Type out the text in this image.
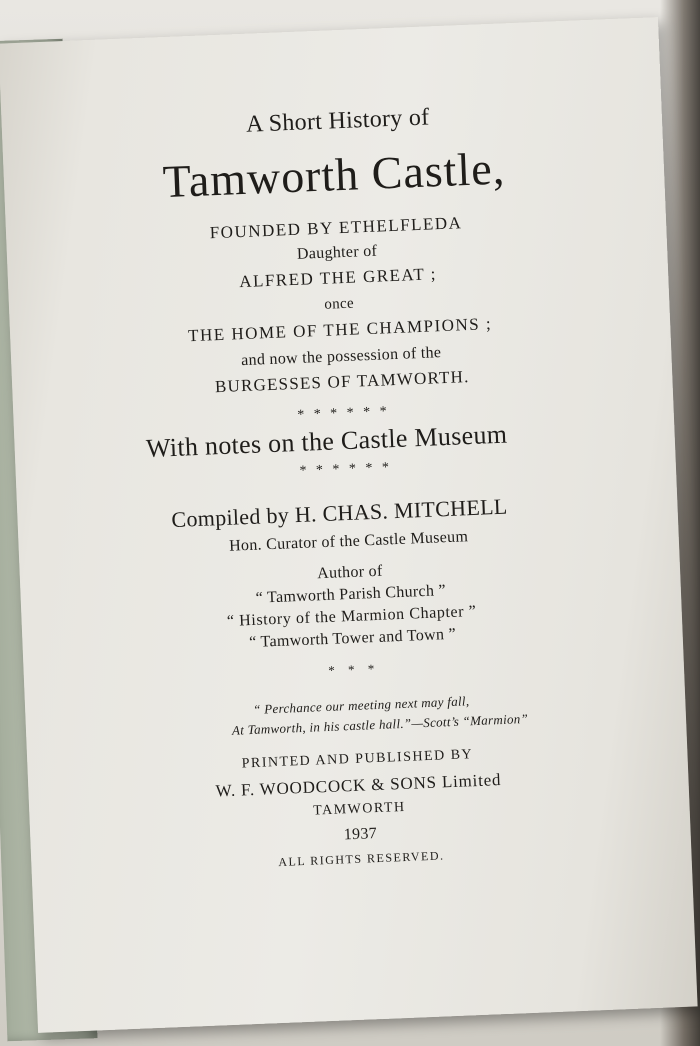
A Short History of
Tamworth Castle,
FOUNDED BY ETHELFLEDA
Daughter of
ALFRED THE GREAT ;
once
THE HOME OF THE CHAMPIONS ;
and now the possession of the
BURGESSES OF TAMWORTH.
* * * * * *
With notes on the Castle Museum
* * * * * *
Compiled by H. CHAS. MITCHELL
Hon. Curator of the Castle Museum
Author of
“ Tamworth Parish Church ”
“ History of the Marmion Chapter ”
“ Tamworth Tower and Town ”
* * *
“ Perchance our meeting next may fall,
At Tamworth, in his castle hall.”—Scott’s “Marmion”
PRINTED AND PUBLISHED BY
W. F. WOODCOCK & SONS Limited
TAMWORTH
1937
ALL RIGHTS RESERVED.
